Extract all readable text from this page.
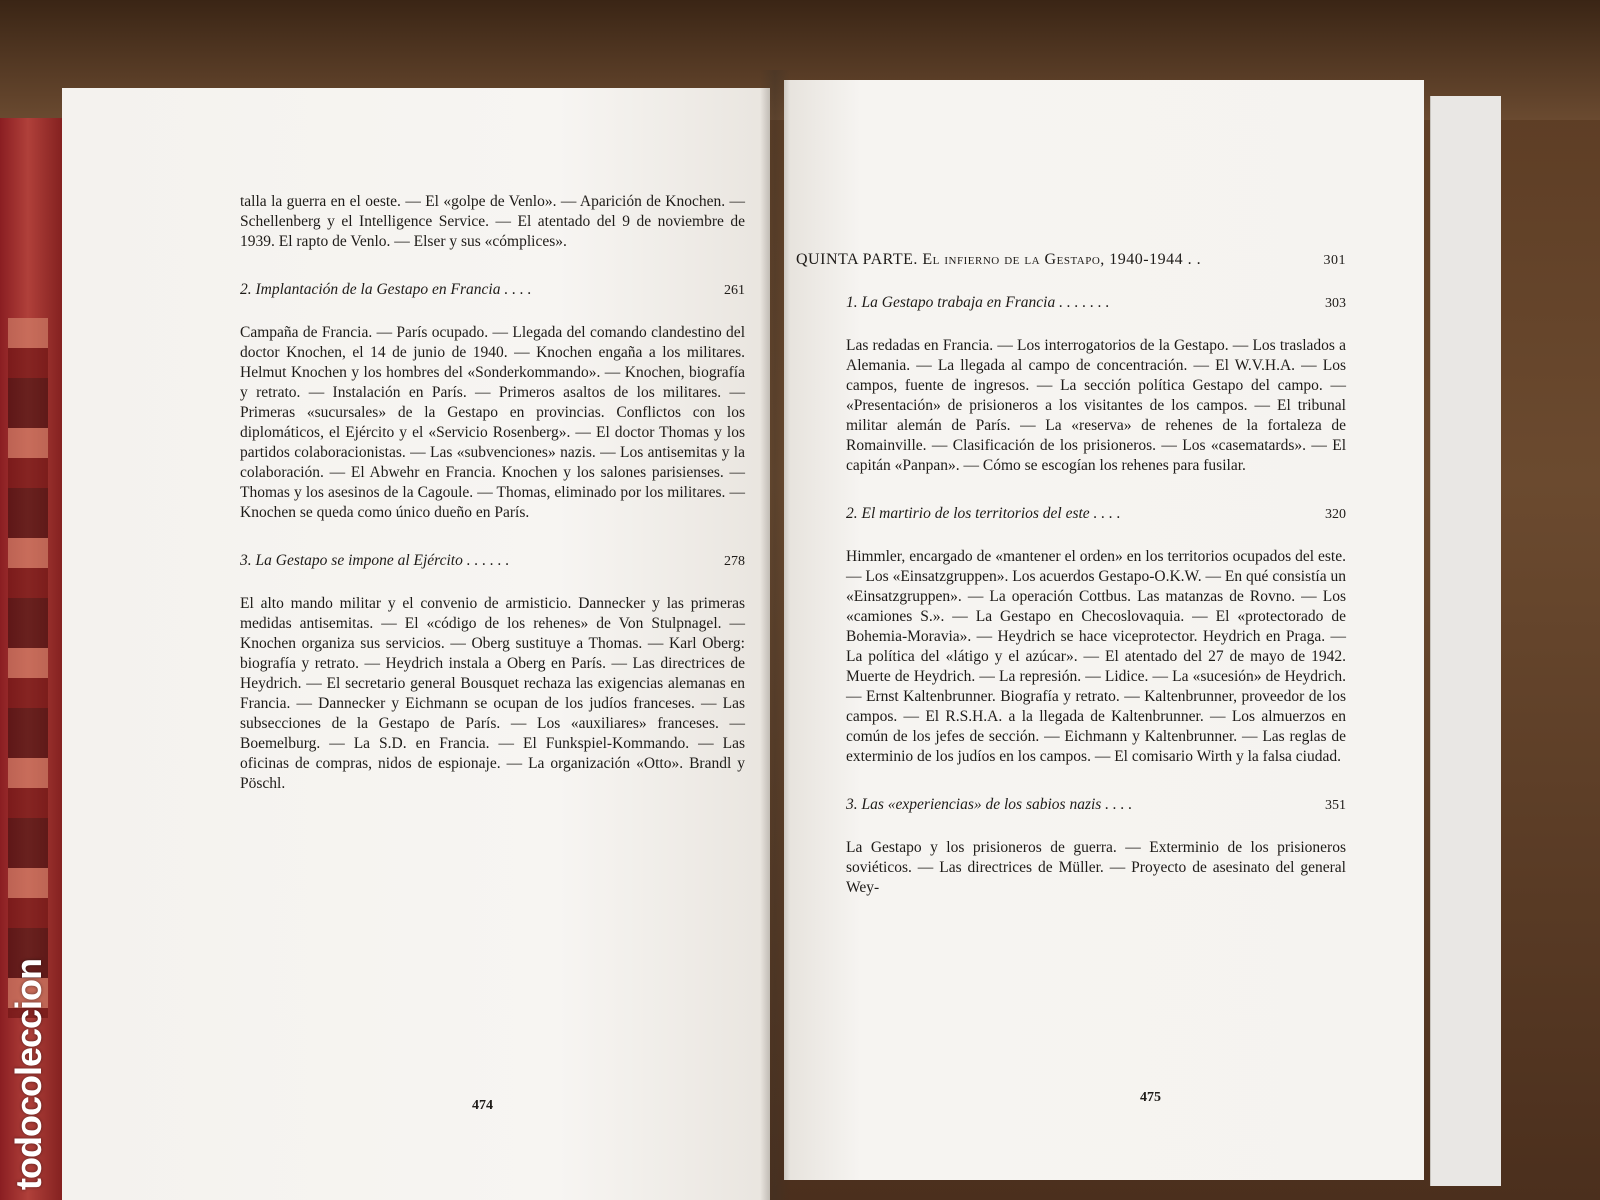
talla la guerra en el oeste. — El «golpe de Venlo». — Aparición de Knochen. — Schellenberg y el Intelligence Service. — El atentado del 9 de noviembre de 1939. El rapto de Venlo. — Elser y sus «cómplices».

2. Implantación de la Gestapo en Francia . . . .	261

Campaña de Francia. — París ocupado. — Llegada del comando clandestino del doctor Knochen, el 14 de junio de 1940. — Knochen engaña a los militares. Helmut Knochen y los hombres del «Sonderkommando». — Knochen, biografía y retrato. — Instalación en París. — Primeros asaltos de los militares. — Primeras «sucursales» de la Gestapo en provincias. Conflictos con los diplomáticos, el Ejército y el «Servicio Rosenberg». — El doctor Thomas y los partidos colaboracionistas. — Las «subvenciones» nazis. — Los antisemitas y la colaboración. — El Abwehr en Francia. Knochen y los salones parisienses. — Thomas y los asesinos de la Cagoule. — Thomas, eliminado por los militares. — Knochen se queda como único dueño en París.

3. La Gestapo se impone al Ejército . . . . . .	278

El alto mando militar y el convenio de armisticio. Dannecker y las primeras medidas antisemitas. — El «código de los rehenes» de Von Stulpnagel. — Knochen organiza sus servicios. — Oberg sustituye a Thomas. — Karl Oberg: biografía y retrato. — Heydrich instala a Oberg en París. — Las directrices de Heydrich. — El secretario general Bousquet rechaza las exigencias alemanas en Francia. — Dannecker y Eichmann se ocupan de los judíos franceses. — Las subsecciones de la Gestapo de París. — Los «auxiliares» franceses. — Boemelburg. — La S.D. en Francia. — El Funkspiel-Kommando. — Las oficinas de compras, nidos de espionaje. — La organización «Otto». Brandl y Pöschl.

474
QUINTA PARTE. El infierno de la Gestapo, 1940-1944 . .	301
1. La Gestapo trabaja en Francia . . . . . . .	303

Las redadas en Francia. — Los interrogatorios de la Gestapo. — Los traslados a Alemania. — La llegada al campo de concentración. — El W.V.H.A. — Los campos, fuente de ingresos. — La sección política Gestapo del campo. — «Presentación» de prisioneros a los visitantes de los campos. — El tribunal militar alemán de París. — La «reserva» de rehenes de la fortaleza de Romainville. — Clasificación de los prisioneros. — Los «casematards». — El capitán «Panpan». — Cómo se escogían los rehenes para fusilar.

2. El martirio de los territorios del este . . . .	320

Himmler, encargado de «mantener el orden» en los territorios ocupados del este. — Los «Einsatzgruppen». Los acuerdos Gestapo-O.K.W. — En qué consistía un «Einsatzgruppen». — La operación Cottbus. Las matanzas de Rovno. — Los «camiones S.». — La Gestapo en Checoslovaquia. — El «protectorado de Bohemia-Moravia». — Heydrich se hace viceprotector. Heydrich en Praga. — La política del «látigo y el azúcar». — El atentado del 27 de mayo de 1942. Muerte de Heydrich. — La represión. — Lidice. — La «sucesión» de Heydrich. — Ernst Kaltenbrunner. Biografía y retrato. — Kaltenbrunner, proveedor de los campos. — El R.S.H.A. a la llegada de Kaltenbrunner. — Los almuerzos en común de los jefes de sección. — Eichmann y Kaltenbrunner. — Las reglas de exterminio de los judíos en los campos. — El comisario Wirth y la falsa ciudad.

3. Las «experiencias» de los sabios nazis . . . .	351

La Gestapo y los prisioneros de guerra. — Exterminio de los prisioneros soviéticos. — Las directrices de Müller. — Proyecto de asesinato del general Wey-

475
todocoleccion
